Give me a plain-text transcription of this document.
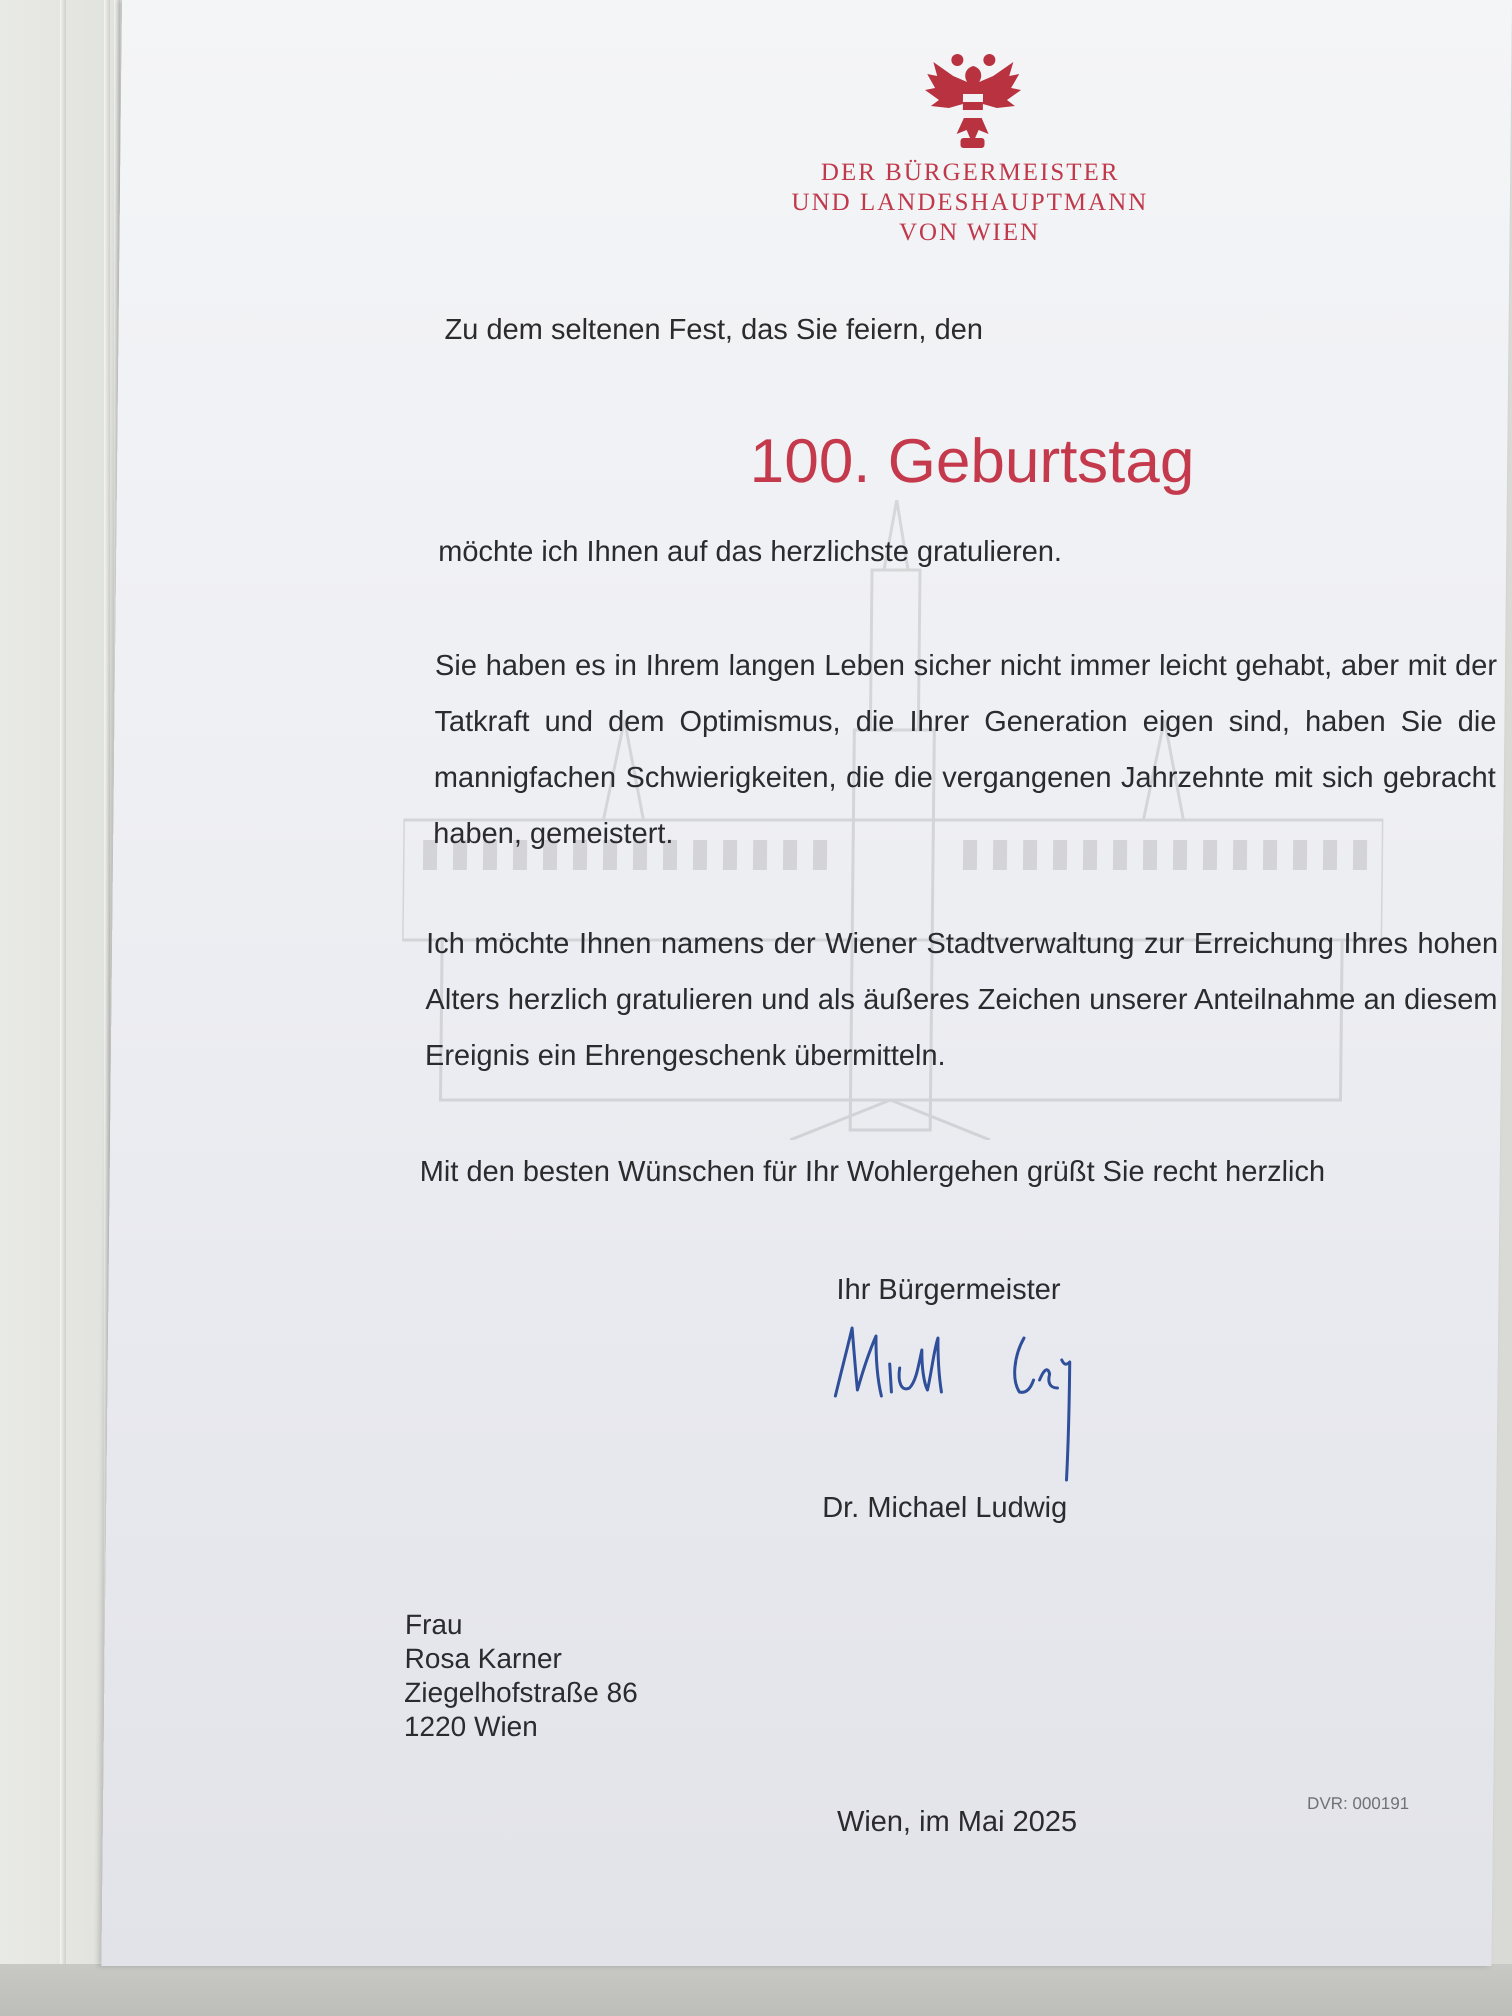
DER BÜRGERMEISTER
UND LANDESHAUPTMANN
VON WIEN
Zu dem seltenen Fest, das Sie feiern, den
100. Geburtstag
möchte ich Ihnen auf das herzlichste gratulieren.
Sie haben es in Ihrem langen Leben sicher nicht immer leicht gehabt, aber mit der Tatkraft und dem Optimismus, die Ihrer Generation eigen sind, haben Sie die mannigfachen Schwierigkeiten, die die vergangenen Jahrzehnte mit sich gebracht haben, gemeistert.
Ich möchte Ihnen namens der Wiener Stadtverwaltung zur Erreichung Ihres hohen Alters herzlich gratulieren und als äußeres Zeichen unserer Anteilnahme an diesem Ereignis ein Ehrengeschenk übermitteln.
Mit den besten Wünschen für Ihr Wohlergehen grüßt Sie recht herzlich
Ihr Bürgermeister
Dr. Michael Ludwig
Frau
Rosa Karner
Ziegelhofstraße 86
1220 Wien
Wien, im Mai 2025
DVR: 000191
